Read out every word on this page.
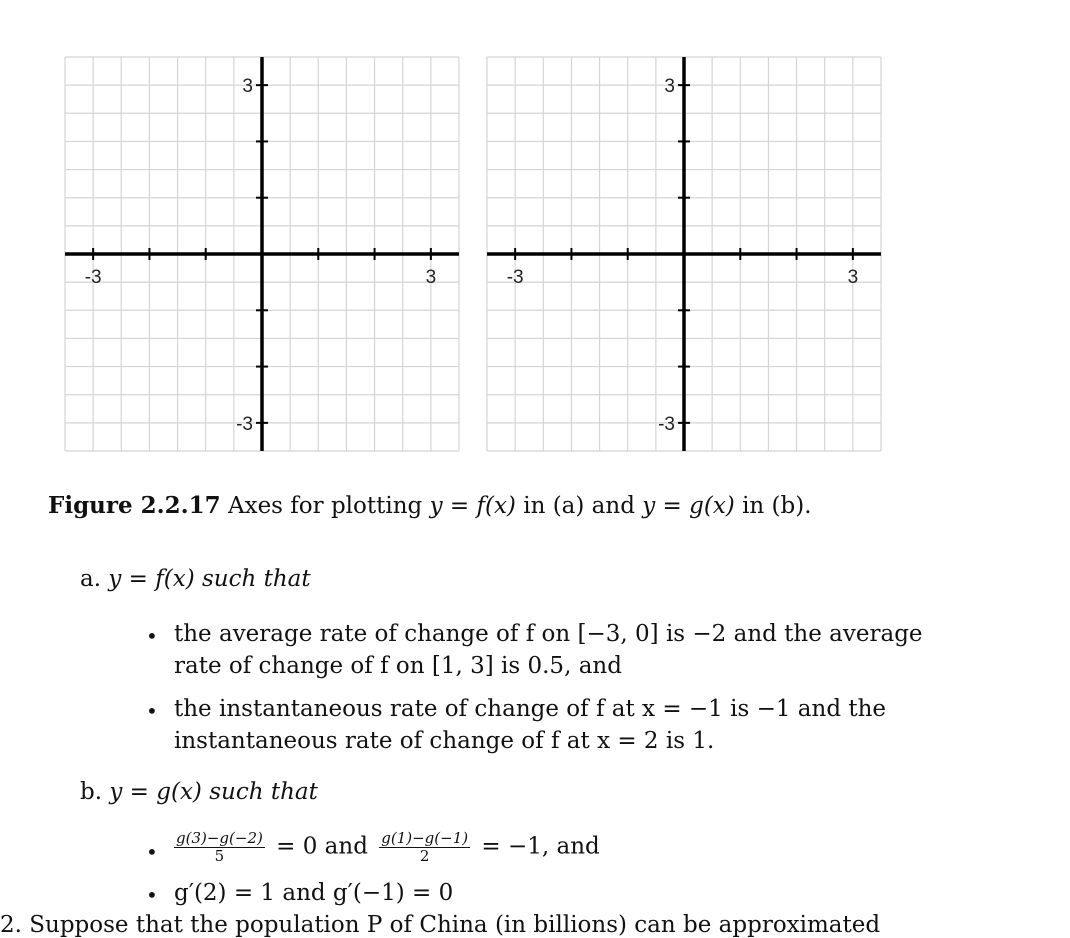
-3	3
3
-3
-3	3
3
-3
Figure 2.2.17 Axes for plotting y = f(x) in (a) and y = g(x) in (b).
a. y = f(x) such that
• the average rate of change of f on [−3, 0] is −2 and the average
rate of change of f on [1, 3] is 0.5, and
• the instantaneous rate of change of f at x = −1 is −1 and the
instantaneous rate of change of f at x = 2 is 1.
b. y = g(x) such that
• $\frac{g(3)-g(-2)}{5} = 0$ and $\frac{g(1)-g(-1)}{2} = -1$, and
• g′(2) = 1 and g′(−1) = 0
2. Suppose that the population P of China (in billions) can be approximated
